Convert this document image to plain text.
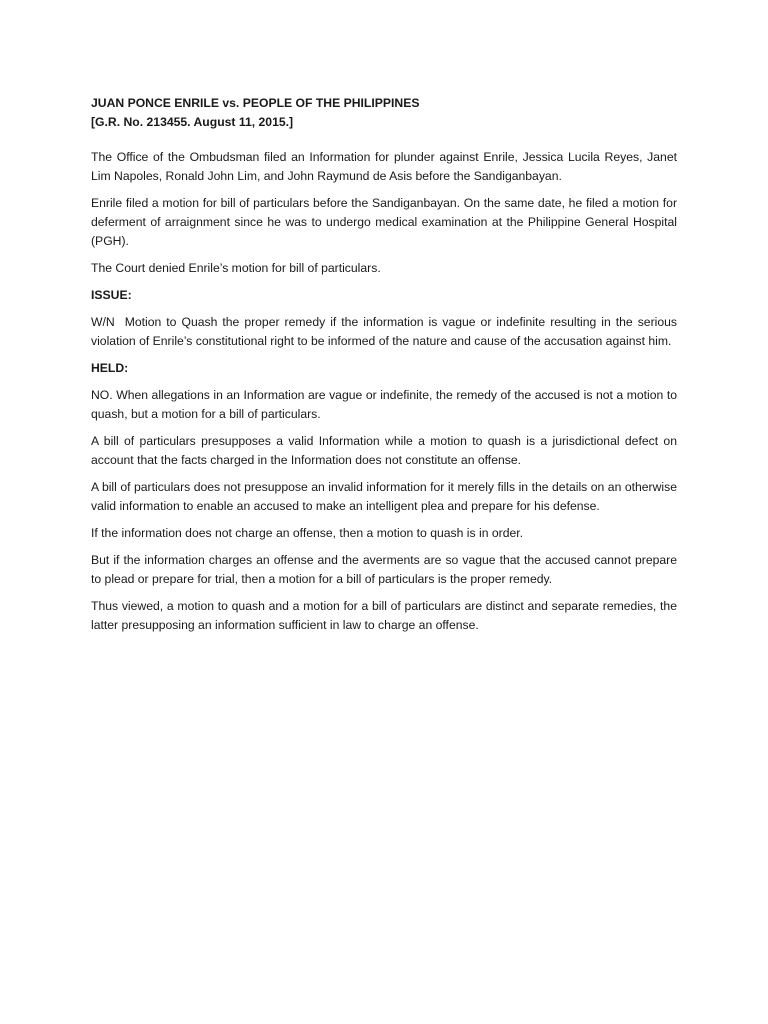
JUAN PONCE ENRILE vs. PEOPLE OF THE PHILIPPINES
[G.R. No. 213455. August 11, 2015.]

The Office of the Ombudsman filed an Information for plunder against Enrile, Jessica Lucila Reyes, Janet Lim Napoles, Ronald John Lim, and John Raymund de Asis before the Sandiganbayan.

Enrile filed a motion for bill of particulars before the Sandiganbayan. On the same date, he filed a motion for deferment of arraignment since he was to undergo medical examination at the Philippine General Hospital (PGH).

The Court denied Enrile’s motion for bill of particulars.

ISSUE:

W/N  Motion to Quash the proper remedy if the information is vague or indefinite resulting in the serious violation of Enrile’s constitutional right to be informed of the nature and cause of the accusation against him.

HELD:

NO. When allegations in an Information are vague or indefinite, the remedy of the accused is not a motion to quash, but a motion for a bill of particulars.

A bill of particulars presupposes a valid Information while a motion to quash is a jurisdictional defect on account that the facts charged in the Information does not constitute an offense.

A bill of particulars does not presuppose an invalid information for it merely fills in the details on an otherwise valid information to enable an accused to make an intelligent plea and prepare for his defense.

If the information does not charge an offense, then a motion to quash is in order.

But if the information charges an offense and the averments are so vague that the accused cannot prepare to plead or prepare for trial, then a motion for a bill of particulars is the proper remedy.

Thus viewed, a motion to quash and a motion for a bill of particulars are distinct and separate remedies, the latter presupposing an information sufficient in law to charge an offense.
